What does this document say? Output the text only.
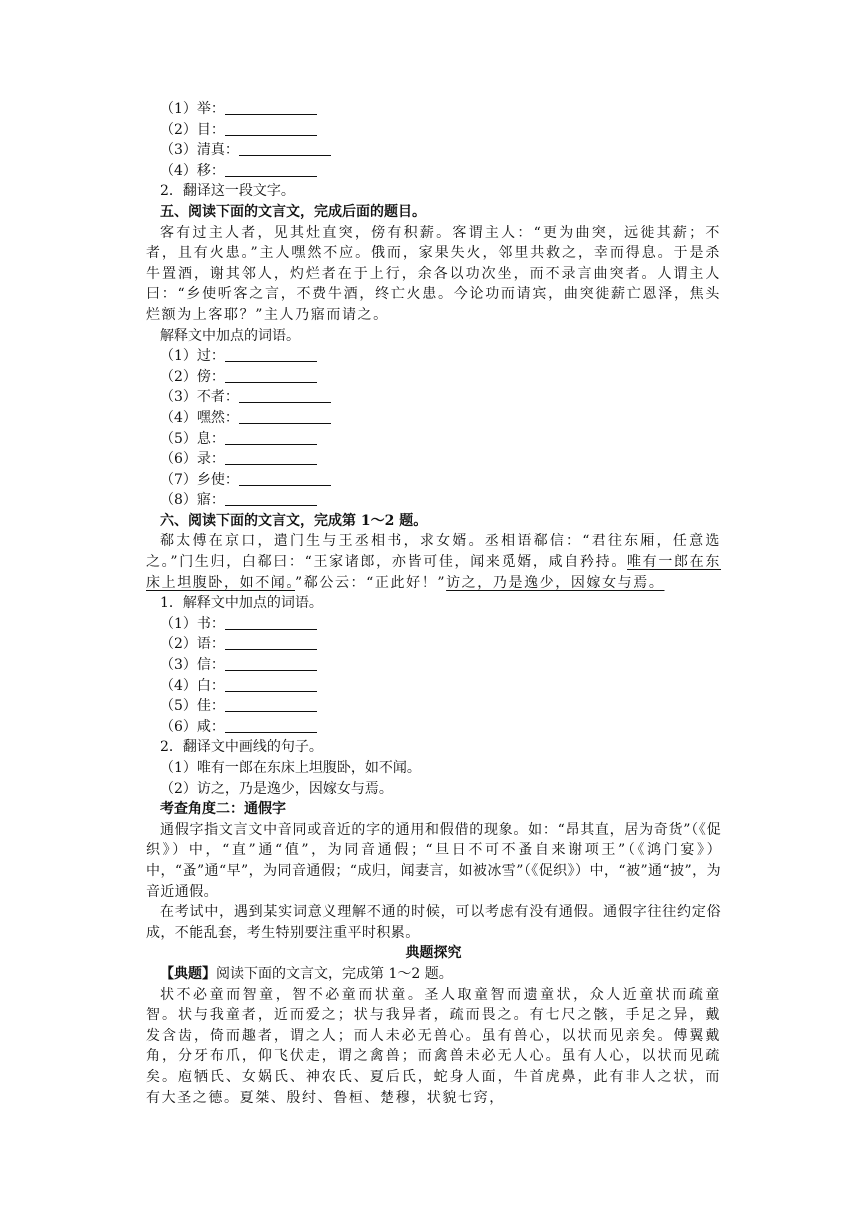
（1）举：
（2）目：
（3）清真：
（4）移：
2．翻译这一段文字。
五、阅读下面的文言文，完成后面的题目。
客有过主人者，见其灶直突，傍有积薪。客谓主人：“更为曲突，远徙其薪；不者，且有火患。”主人嘿然不应。俄而，家果失火，邻里共救之，幸而得息。于是杀牛置酒，谢其邻人，灼烂者在于上行，余各以功次坐，而不录言曲突者。人谓主人曰：“乡使听客之言，不费牛酒，终亡火患。今论功而请宾，曲突徙薪亡恩泽，焦头烂额为上客耶？”主人乃寤而请之。
解释文中加点的词语。
（1）过：
（2）傍：
（3）不者：
（4）嘿然：
（5）息：
（6）录：
（7）乡使：
（8）寤：
六、阅读下面的文言文，完成第 1～2 题。
郗太傅在京口，遣门生与王丞相书，求女婿。丞相语郗信：“君往东厢，任意选之。”门生归，白郗曰：“王家诸郎，亦皆可佳，闻来觅婿，咸自矜持。唯有一郎在东床上坦腹卧，如不闻。”郗公云：“正此好！”访之，乃是逸少，因嫁女与焉。
1．解释文中加点的词语。
（1）书：
（2）语：
（3）信：
（4）白：
（5）佳：
（6）咸：
2．翻译文中画线的句子。
（1）唯有一郎在东床上坦腹卧，如不闻。
（2）访之，乃是逸少，因嫁女与焉。
考查角度二：通假字
通假字指文言文中音同或音近的字的通用和假借的现象。如：“昂其直，居为奇货”（《促织》）中，“直”通“值”，为同音通假；“旦日不可不蚤自来谢项王”（《鸿门宴》）中，“蚤”通“早”，为同音通假；“成归，闻妻言，如被冰雪”（《促织》）中，“被”通“披”，为音近通假。
在考试中，遇到某实词意义理解不通的时候，可以考虑有没有通假。通假字往往约定俗成，不能乱套，考生特别要注重平时积累。
典题探究
【典题】阅读下面的文言文，完成第 1～2 题。
状不必童而智童，智不必童而状童。圣人取童智而遗童状，众人近童状而疏童智。状与我童者，近而爱之；状与我异者，疏而畏之。有七尺之骸，手足之异，戴发含齿，倚而趣者，谓之人；而人未必无兽心。虽有兽心，以状而见亲矣。傅翼戴角，分牙布爪，仰飞伏走，谓之禽兽；而禽兽未必无人心。虽有人心，以状而见疏矣。庖牺氏、女娲氏、神农氏、夏后氏，蛇身人面，牛首虎鼻，此有非人之状，而有大圣之德。夏桀、殷纣、鲁桓、楚穆，状貌七窍，
